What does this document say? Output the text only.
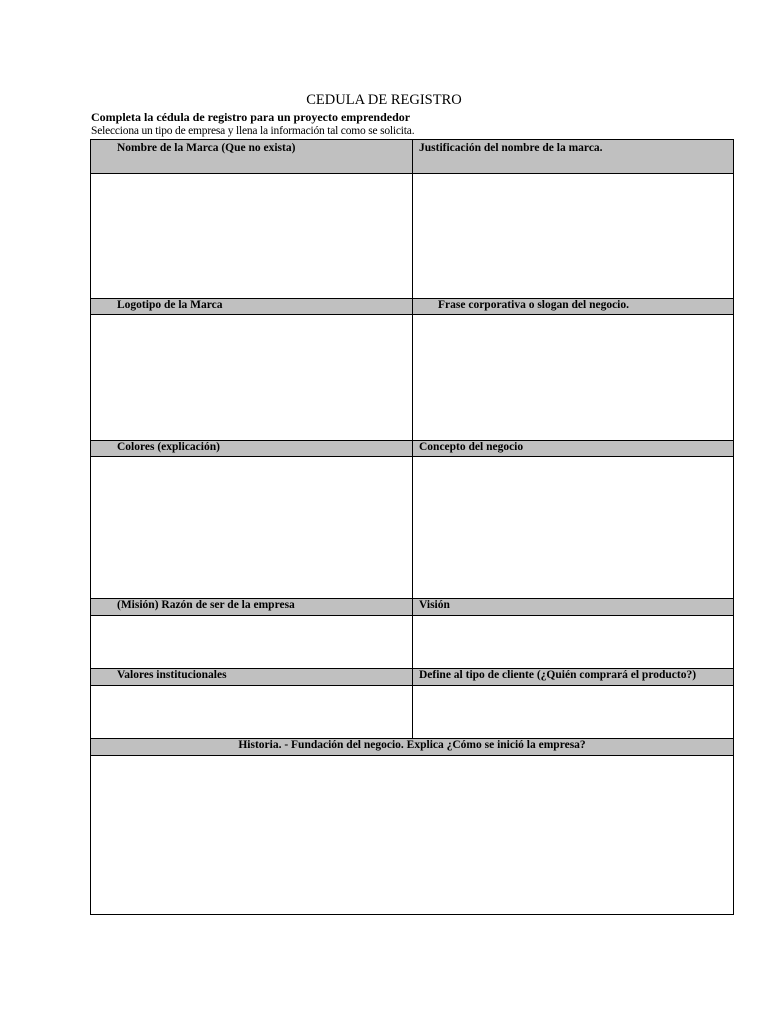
CEDULA DE REGISTRO
Completa la cédula de registro para un proyecto emprendedor
Selecciona un tipo de empresa y llena la información tal como se solicita.
Nombre de la Marca (Que no exista)	Justificación del nombre de la marca.
Logotipo de la Marca	Frase corporativa o slogan del negocio.
Colores (explicación)	Concepto del negocio
(Misión) Razón de ser de la empresa	Visión
Valores institucionales	Define al tipo de cliente (¿Quién comprará el producto?)
Historia. - Fundación del negocio. Explica ¿Cómo se inició la empresa?
